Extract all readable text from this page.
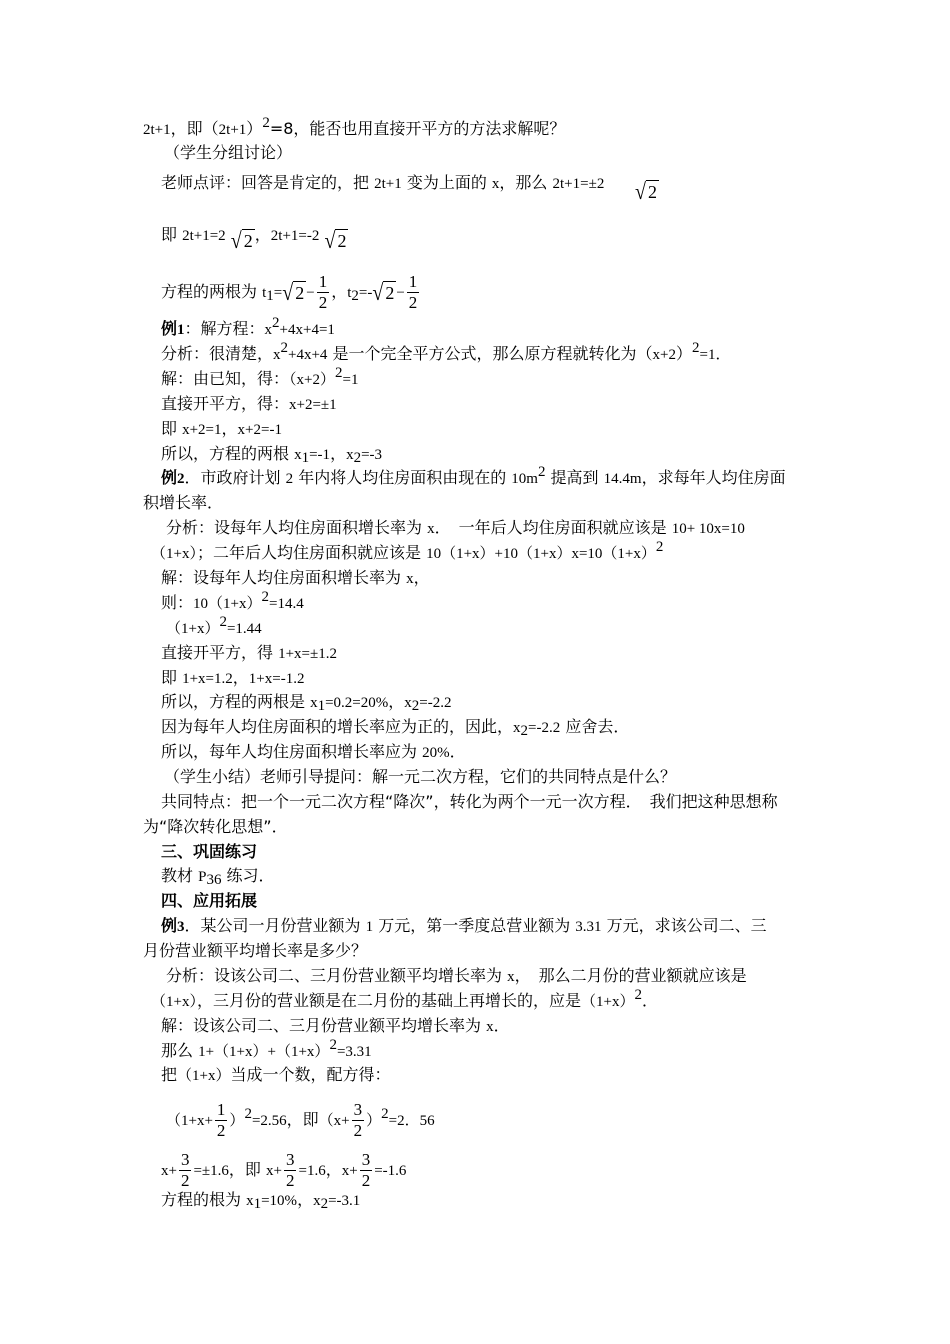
2t+1，即$(2t+1)^2=8$，能否也用直接开平方的方法求解呢？
（学生分组讨论）
老师点评：回答是肯定的，把 2t+1 变为上面的 x，那么 2t+1=±2 √ 2
即 2t+1=2 √ 2 ，2t+1=-2 √ 2
方程的两根为 $t_1=√$ $2 - \frac{1}{2}$ ，$t_2=-√$ $2 - \frac{1}{2}$
例1：解方程：$x^2+4x+4=1$
分析：很清楚，$x^2+4x+4$ 是一个完全平方公式，那么原方程就转化为$(x+2)^2=1$．
解：由已知，得：$(x+2)^2=1$
直接开平方，得：x+2=±1
即 x+2=1，x+2=-1
所以，方程的两根 $x_1=-1$，$x_2=-3$
例2．市政府计划 2 年内将人均住房面积由现在的 $10m^2$ 提高到 14.4m，求每年人均住房面
积增长率．
分析：设每年人均住房面积增长率为 x．　一年后人均住房面积就应该是 10+ 10x=10
（1+x）；二年后人均住房面积就应该是 $10(1+x)+10(1+x)x=10(1+x)^2$
解：设每年人均住房面积增长率为 x，
则：$10(1+x)^2=14.4$
$(1+x)^2=1.44$
直接开平方，得 1+x=±1.2
即 1+x=1.2，1+x=-1.2
所以，方程的两根是 $x_1=0.2=20\%$，$x_2=-2.2$
因为每年人均住房面积的增长率应为正的，因此，$x_2=-2.2$ 应舍去．
所以，每年人均住房面积增长率应为 20%．
（学生小结）老师引导提问：解一元二次方程，它们的共同特点是什么？
共同特点：把一个一元二次方程“降次”，转化为两个一元一次方程．　我们把这种思想称
为“降次转化思想”．
三、巩固练习
教材 $P_{36}$ 练习．
四、应用拓展
例3．某公司一月份营业额为 1 万元，第一季度总营业额为 3.31 万元，求该公司二、三
月份营业额平均增长率是多少？
分析：设该公司二、三月份营业额平均增长率为 x，　那么二月份的营业额就应该是
（1+x），三月份的营业额是在二月份的基础上再增长的，应是$(1+x)^2$．
解：设该公司二、三月份营业额平均增长率为 x．
那么 $1+(1+x)+(1+x)^2=3.31$
把（1+x）当成一个数，配方得：
$(1+x+ \frac{1}{2} )^2=2.56$，即$(x+ \frac{3}{2} )^2=2$．56
$x+ \frac{3}{2} =\pm 1.6$，即 $x+ \frac{3}{2} =1.6$，$x+ \frac{3}{2} =-1.6$
方程的根为 $x_1=10\%$，$x_2=-3.1$
